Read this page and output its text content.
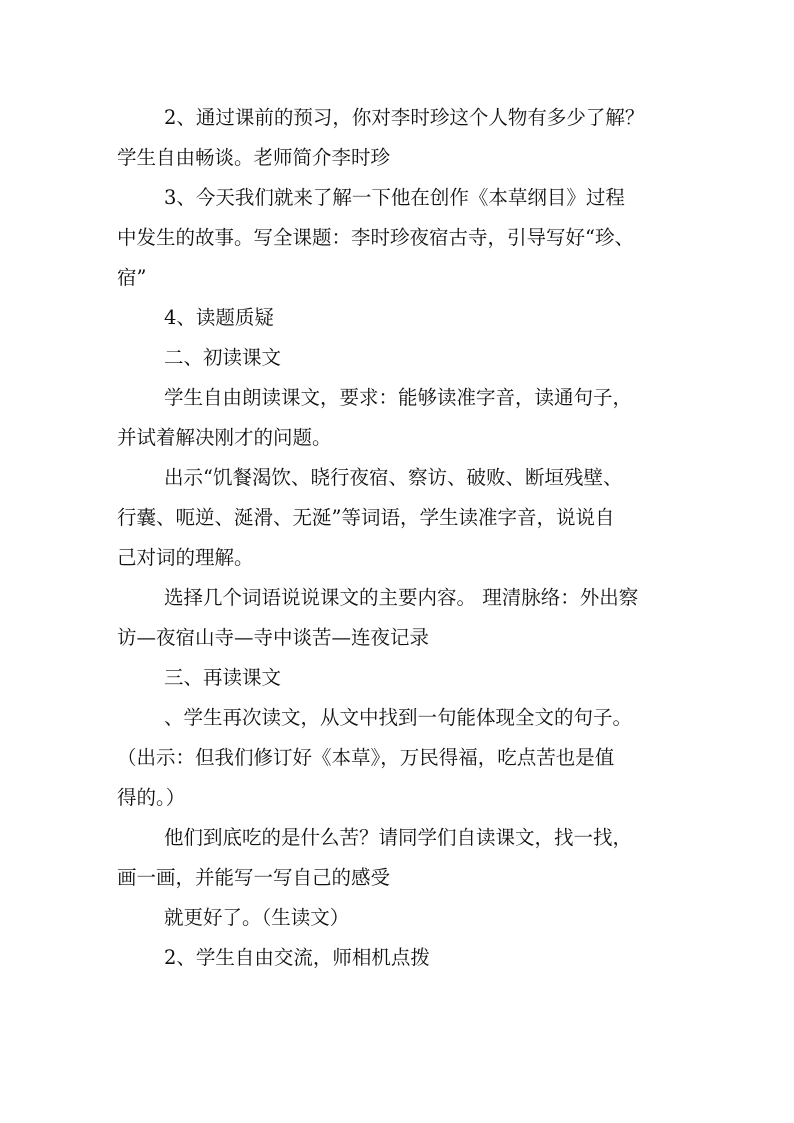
2、通过课前的预习，你对李时珍这个人物有多少了解？
学生自由畅谈。老师简介李时珍
3、今天我们就来了解一下他在创作《本草纲目》过程
中发生的故事。写全课题：李时珍夜宿古寺，引导写好“珍、
宿”
4、读题质疑
二、初读课文
学生自由朗读课文，要求：能够读准字音，读通句子，
并试着解决刚才的问题。
出示“饥餐渴饮、晓行夜宿、察访、破败、断垣残壁、
行囊、呃逆、涎滑、无涎”等词语，学生读准字音，说说自
己对词的理解。
选择几个词语说说课文的主要内容。 理清脉络：外出察
访—夜宿山寺—寺中谈苦—连夜记录
三、再读课文
、学生再次读文，从文中找到一句能体现全文的句子。
（出示：但我们修订好《本草》，万民得福，吃点苦也是值
得的。）
他们到底吃的是什么苦？请同学们自读课文，找一找，
画一画，并能写一写自己的感受
就更好了。（生读文）
2、学生自由交流，师相机点拨
